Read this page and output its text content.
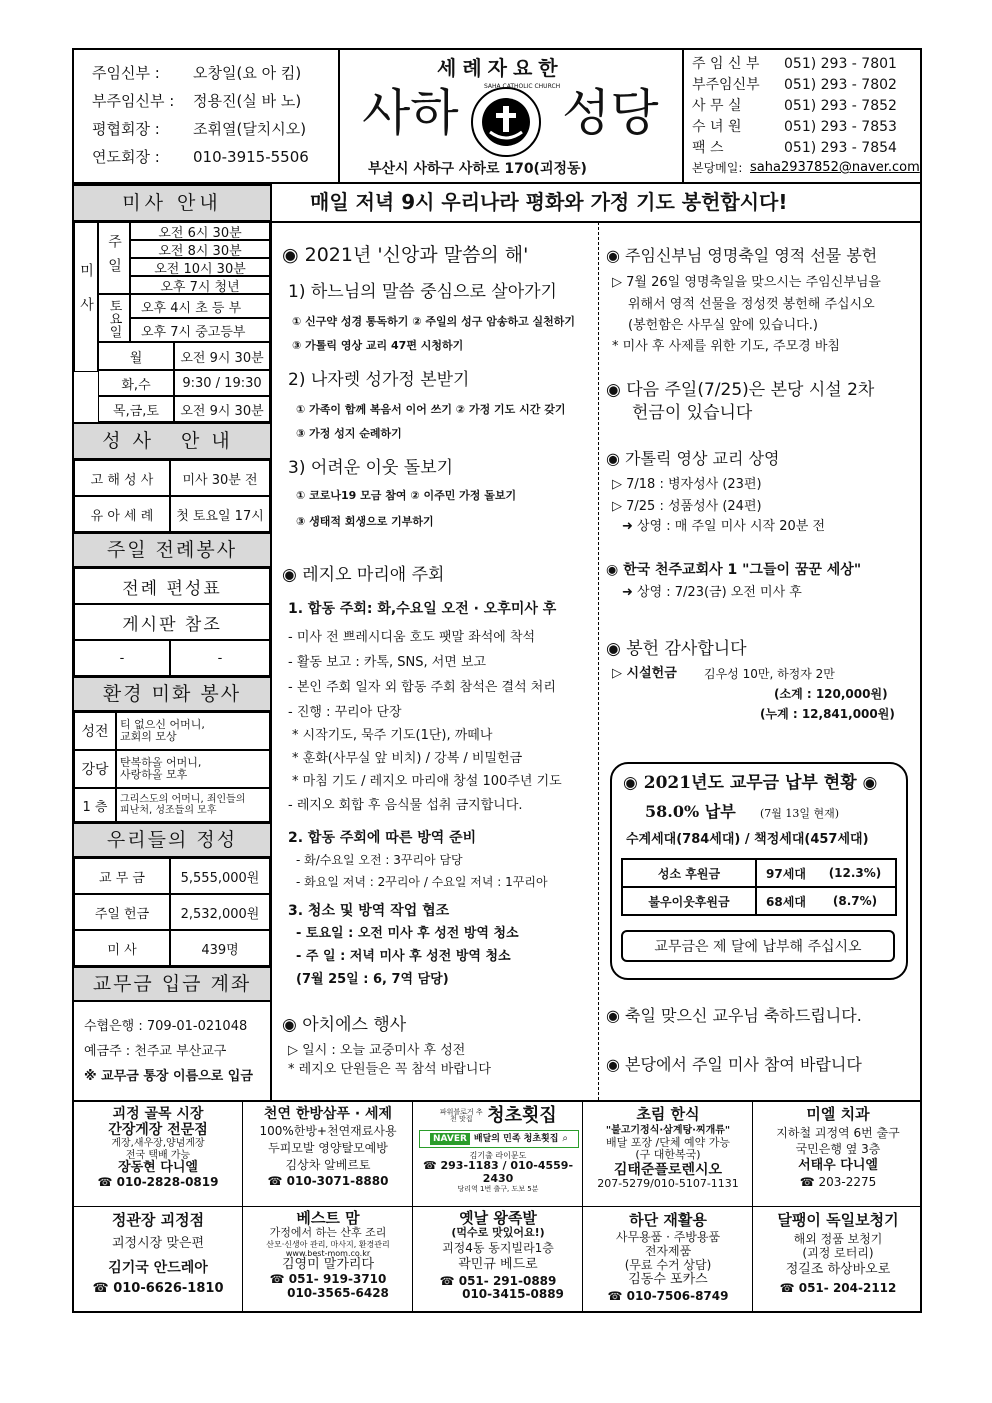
주임신부 : 오창일(요 아 킴)
부주임신부 : 정용진(실 바 노)
평협회장 : 조휘열(달치시오)
연도회장 : 010-3915-5506
세례자요한
사하	SAHA CATHOLIC CHURCH 성당
부산시 사하구 사하로 170(괴정동)
주 임 신 부 051) 293 - 7801
부주임신부 051) 293 - 7802
사 무 실	051) 293 - 7852
수 녀 원	051) 293 - 7853
팩 스	051) 293 - 7854
본당메일: saha2937852@naver.com
매일 저녁 9시 우리나라 평화와 가정 기도 봉헌합시다!
미사 안내
미사
주일
오전 6시 30분
오전 8시 30분
오전 10시 30분
오후 7시 청년
토요일	오후 4시 초 등 부
오후 7시 중고등부
월	오전 9시 30분
화,수	9:30 / 19:30
목,금,토	오전 9시 30분
성사 안내
고 해 성 사	미사 30분 전
유 아 세 례	첫 토요일 17시
주일 전례봉사
전례 편성표
게시판 참조
-	-
환경 미화 봉사
성전	티 없으신 어머니,
교회의 모상
강당	탄복하올 어머니,
사랑하올 모후
1 층	그리스도의 어머니, 죄인들의
피난처, 성조들의 모후
우리들의 정성
교 무 금	5,555,000원
주일 헌금	2,532,000원
미 사	439명
교무금 입금 계좌
수협은행 : 709-01-021048
예금주 : 천주교 부산교구
※ 교무금 통장 이름으로 입금
◉ 2021년 '신앙과 말씀의 해'
1) 하느님의 말씀 중심으로 살아가기
① 신구약 성경 통독하기 ② 주일의 성구 암송하고 실천하기
③ 가톨릭 영상 교리 47편 시청하기
2) 나자렛 성가정 본받기
① 가족이 함께 복음서 이어 쓰기 ② 가정 기도 시간 갖기
③ 가정 성지 순례하기
3) 어려운 이웃 돌보기
① 코로나19 모금 참여 ② 이주민 가정 돌보기
③ 생태적 회생으로 기부하기
◉ 레지오 마리애 주회
1. 합동 주회: 화,수요일 오전 · 오후미사 후
- 미사 전 쁘레시디움 호도 팻말 좌석에 착석
- 활동 보고 : 카톡, SNS, 서면 보고
- 본인 주회 일자 외 합동 주회 참석은 결석 처리
- 진행 : 꾸리아 단장
* 시작기도, 묵주 기도(1단), 까떼나
* 훈화(사무실 앞 비치) / 강복 / 비밀헌금
* 마침 기도 / 레지오 마리애 창설 100주년 기도
- 레지오 회합 후 음식물 섭취 금지합니다.
2. 합동 주회에 따른 방역 준비
- 화/수요일 오전 : 3꾸리아 담당
- 화요일 저녁 : 2꾸리아 / 수요일 저녁 : 1꾸리아
3. 청소 및 방역 작업 협조
- 토요일 : 오전 미사 후 성전 방역 청소
- 주 일 : 저녁 미사 후 성전 방역 청소
(7월 25일 : 6, 7역 담당)
◉ 아치에스 행사
▷ 일시 : 오늘 교중미사 후 성전
* 레지오 단원들은 꼭 참석 바랍니다
◉ 주임신부님 영명축일 영적 선물 봉헌
▷ 7월 26일 영명축일을 맞으시는 주임신부님을
위해서 영적 선물을 정성껏 봉헌해 주십시오
(봉헌함은 사무실 앞에 있습니다.)
* 미사 후 사제를 위한 기도, 주모경 바침
◉ 다음 주일(7/25)은 본당 시설 2차
헌금이 있습니다
◉ 가톨릭 영상 교리 상영
▷ 7/18 : 병자성사 (23편)
▷ 7/25 : 성품성사 (24편)
➜ 상영 : 매 주일 미사 시작 20분 전
◉ 한국 천주교회사 1 "그들이 꿈꾼 세상"
➜ 상영 : 7/23(금) 오전 미사 후
◉ 봉헌 감사합니다
▷ 시설헌금 김우성 10만, 하정자 2만
(소계 : 120,000원)
(누계 : 12,841,000원)
◉ 2021년도 교무금 납부 현황 ◉
58.0% 납부 (7월 13일 현재)
수계세대(784세대) / 책정세대(457세대)
성소 후원금	97세대	(12.3%)
불우이웃후원금	68세대	(8.7%)
교무금은 제 달에 납부해 주십시오
◉ 축일 맞으신 교우님 축하드립니다.
◉ 본당에서 주일 미사 참여 바랍니다
괴정 골목 시장
간장게장 전문점
게장,새우장,양념게장
전국 택배 가능
장동현 다니엘
☎ 010-2828-0819
천연 한방삼푸 · 세제
100%한방+천연재료사용
두피모발 영양탈모예방
김상차 알베르토
☎ 010-3071-8880
파워블로거 추천 맛집 청초횟집
NAVER 배달의 민족 청초횟집 ⌕
김기출 라이문도
☎ 293-1183 / 010-4559-2430
당리역 1번 출구, 도보 5분
초림 한식
"불고기정식·삼계탕·찌개류"
배달 포장 /단체 예약 가능
(구 대한복국)
김태준플로렌시오
207-5279/010-5107-1131
미엘 치과
지하철 괴정역 6번 출구
국민은행 옆 3층
서태우 다니엘
☎ 203-2275
정관장 괴정점
괴정시장 맞은편
김기국 안드레아
☎ 010-6626-1810
베스트 맘
가정에서 하는 산후 조리
산모·신생아 관리, 마사지, 환경관리
www.best-mom.co.kr
김영미 말가리다
☎ 051- 919-3710
010-3565-6428
옛날 왕족발
(먹수로 맛있어요!)
괴정4동 동지빌라1층
곽민규 베드로
☎ 051- 291-0889
010-3415-0889
하단 재활용
사무용품 · 주방용품
전자제품
(무료 수거 상담)
김동수 포카스
☎ 010-7506-8749
달팽이 독일보청기
해외 정품 보청기
(괴정 로터리)
정길조 하상바오로
☎ 051- 204-2112
